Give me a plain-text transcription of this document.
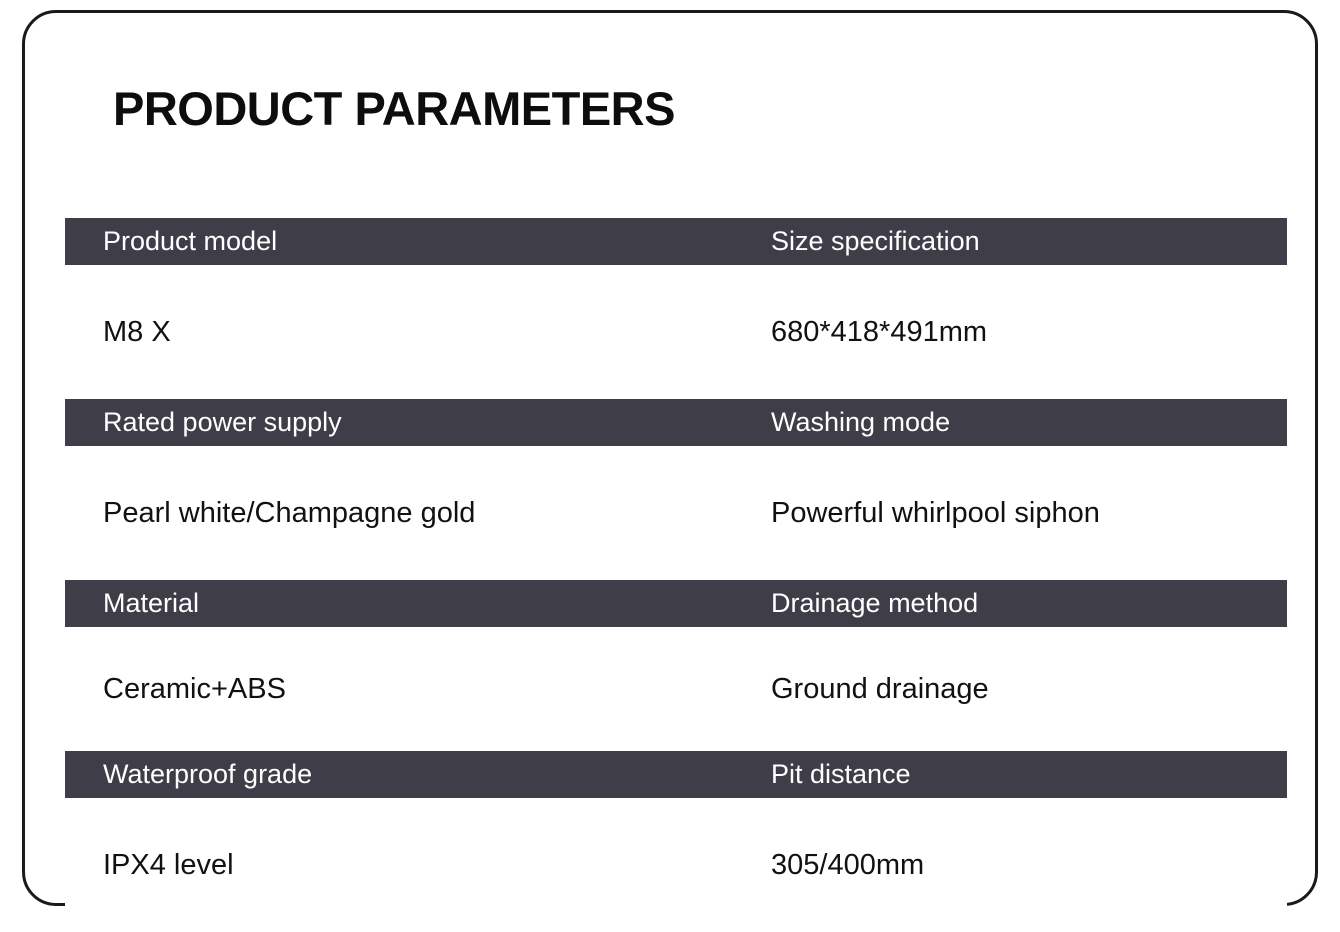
PRODUCT PARAMETERS
Product model	Size specification
M8 X	680*418*491mm
Rated power supply	Washing mode
Pearl white/Champagne gold	Powerful whirlpool siphon
Material	Drainage method
Ceramic+ABS	Ground drainage
Waterproof grade	Pit distance
IPX4 level	305/400mm
